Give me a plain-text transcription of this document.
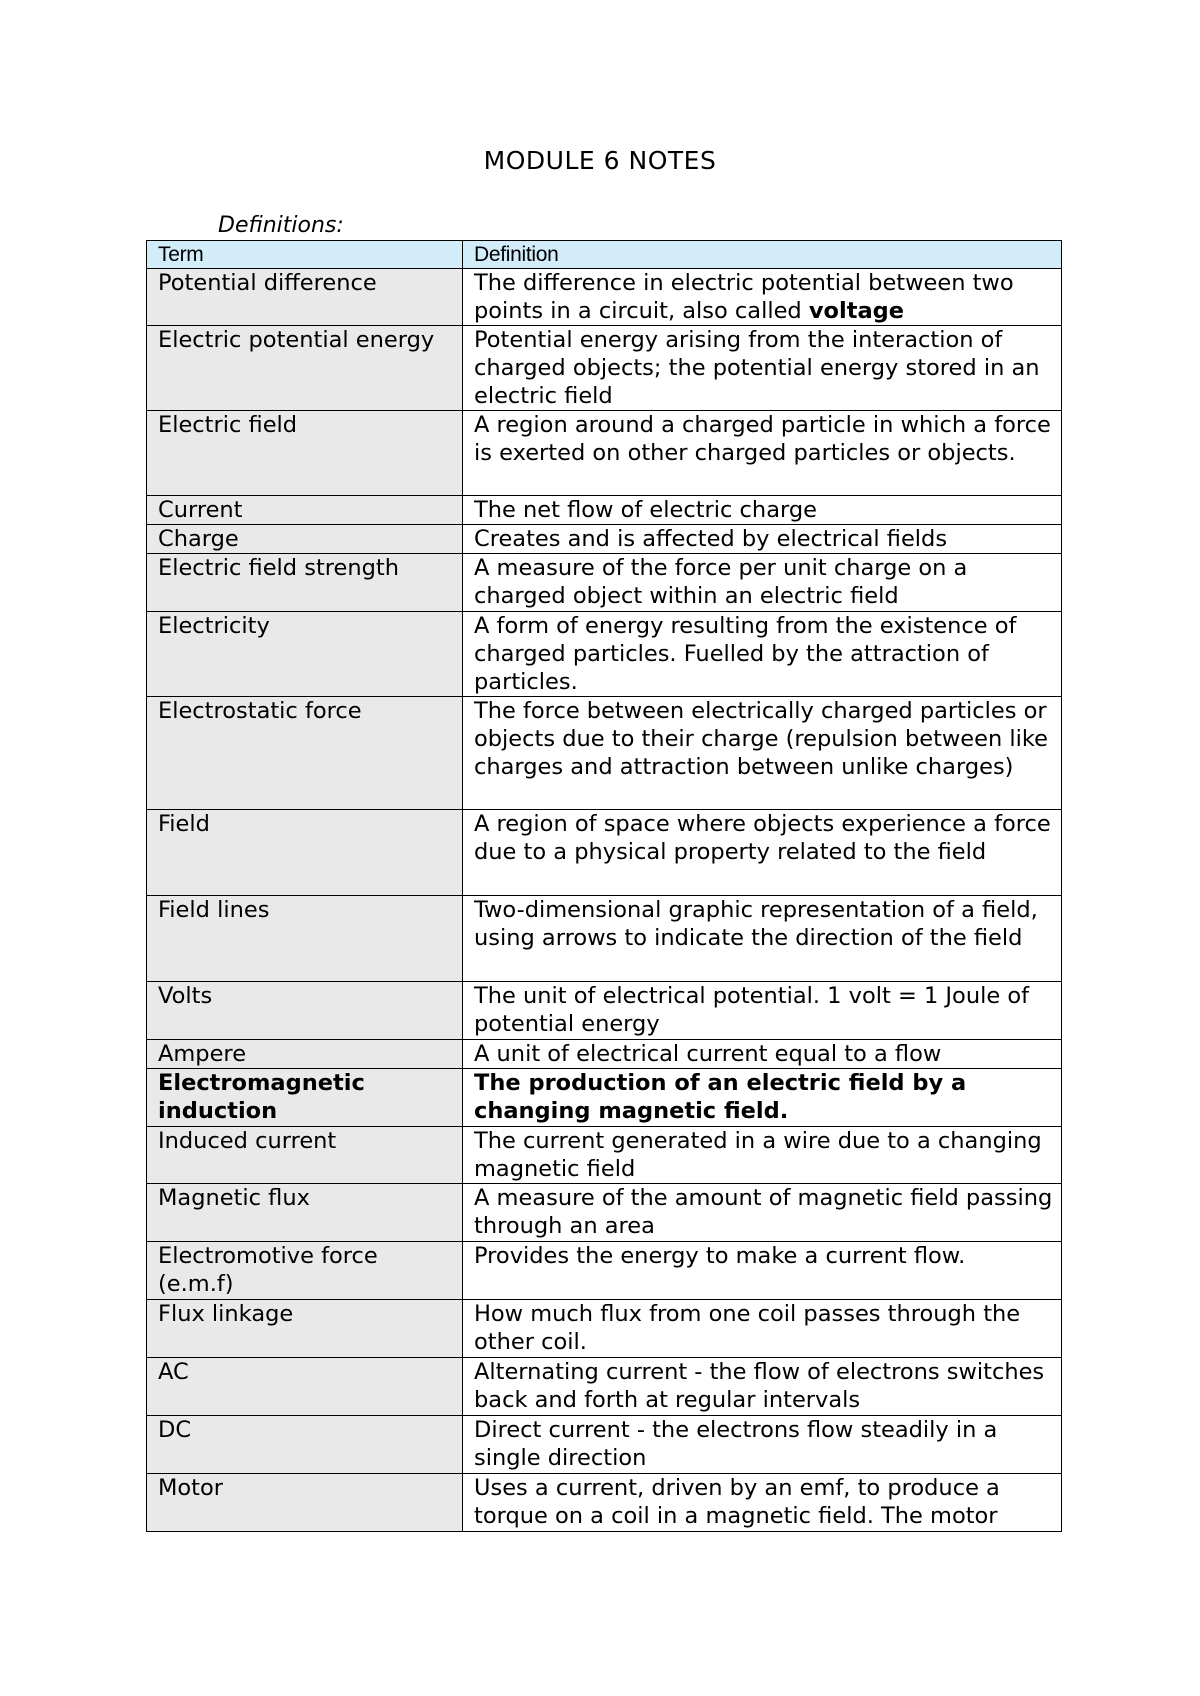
MODULE 6 NOTES
Definitions:
Term	Definition
Potential difference	The difference in electric potential between two points in a circuit, also called voltage
Electric potential energy	Potential energy arising from the interaction of charged objects; the potential energy stored in an electric field
Electric field	A region around a charged particle in which a force is exerted on other charged particles or objects.
Current	The net flow of electric charge
Charge	Creates and is affected by electrical fields
Electric field strength	A measure of the force per unit charge on a charged object within an electric field
Electricity	A form of energy resulting from the existence of charged particles. Fuelled by the attraction of particles.
Electrostatic force	The force between electrically charged particles or objects due to their charge (repulsion between like charges and attraction between unlike charges)
Field	A region of space where objects experience a force due to a physical property related to the field
Field lines	Two-dimensional graphic representation of a field, using arrows to indicate the direction of the field
Volts	The unit of electrical potential. 1 volt = 1 Joule of potential energy
Ampere	A unit of electrical current equal to a flow
Electromagnetic induction	The production of an electric field by a changing magnetic field.
Induced current	The current generated in a wire due to a changing magnetic field
Magnetic flux	A measure of the amount of magnetic field passing through an area
Electromotive force (e.m.f)	Provides the energy to make a current flow.
Flux linkage	How much flux from one coil passes through the other coil.
AC	Alternating current - the flow of electrons switches back and forth at regular intervals
DC	Direct current - the electrons flow steadily in a single direction
Motor	Uses a current, driven by an emf, to produce a torque on a coil in a magnetic field. The motor
